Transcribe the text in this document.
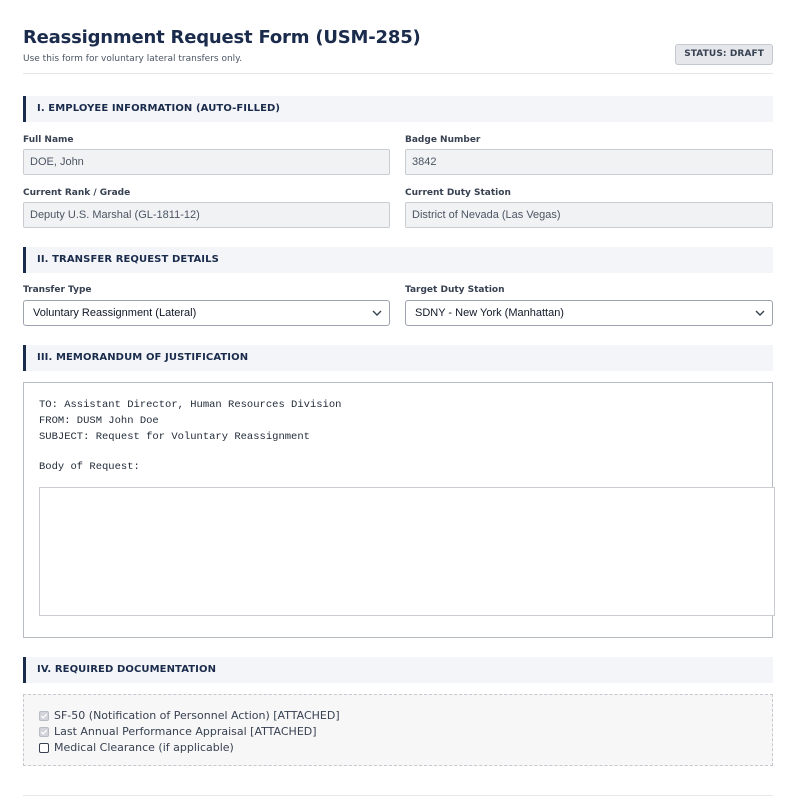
Reassignment Request Form (USM-285)
Use this form for voluntary lateral transfers only.	STATUS: DRAFT
I. EMPLOYEE INFORMATION (AUTO-FILLED)
Full Name
DOE, John
Badge Number
3842
Current Rank / Grade
Deputy U.S. Marshal (GL-1811-12)
Current Duty Station
District of Nevada (Las Vegas)
II. TRANSFER REQUEST DETAILS
Transfer Type
Voluntary Reassignment (Lateral)
Target Duty Station
SDNY - New York (Manhattan)
III. MEMORANDUM OF JUSTIFICATION
TO: Assistant Director, Human Resources Division
FROM: DUSM John Doe
SUBJECT: Request for Voluntary Reassignment
Body of Request:
IV. REQUIRED DOCUMENTATION
SF-50 (Notification of Personnel Action) [ATTACHED]
Last Annual Performance Appraisal [ATTACHED]
Medical Clearance (if applicable)
